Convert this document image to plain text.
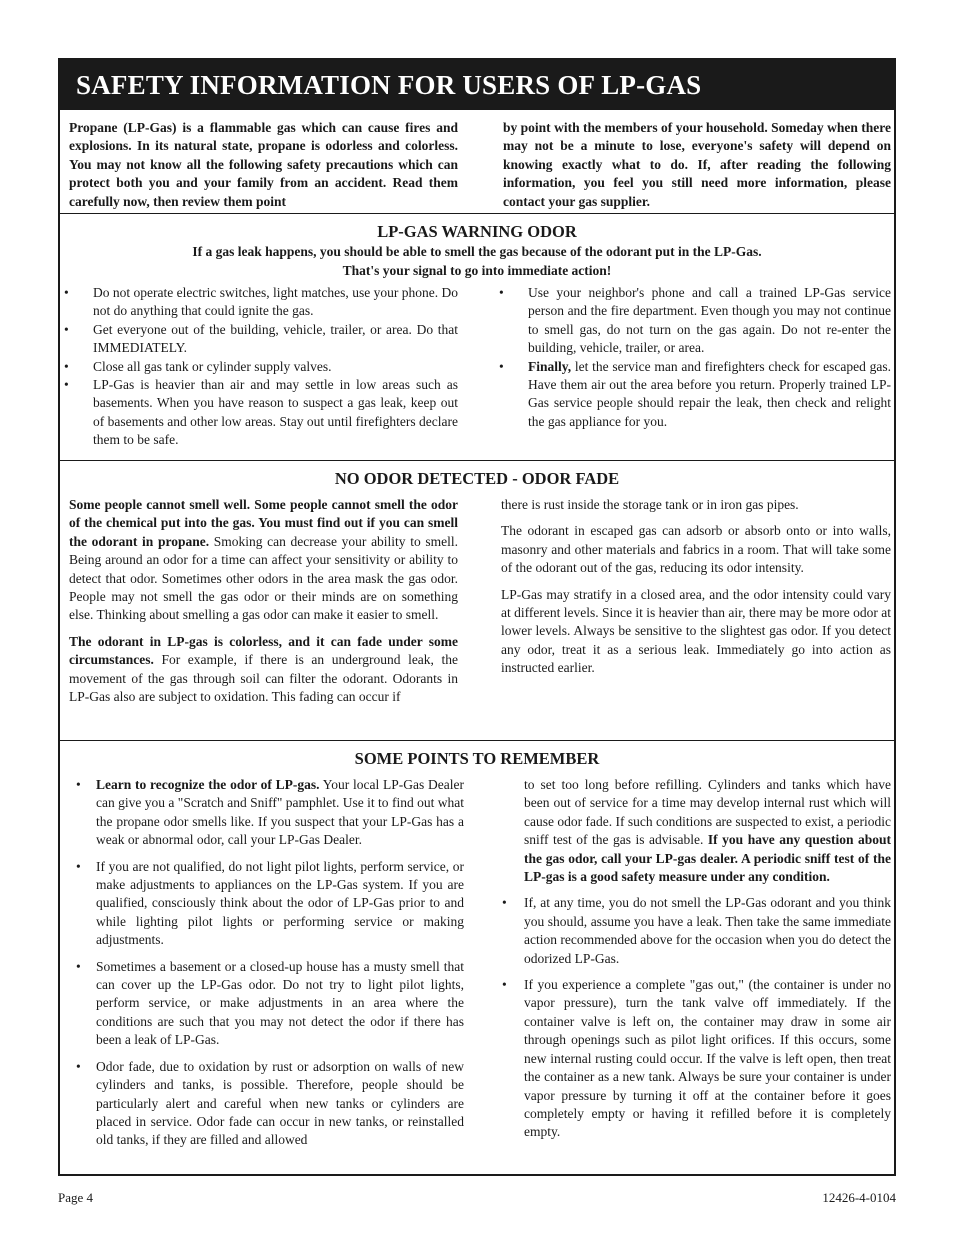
SAFETY INFORMATION FOR USERS OF LP-GAS
Propane (LP-Gas) is a flammable gas which can cause fires and explosions. In its natural state, propane is odorless and colorless. You may not know all the following safety precautions which can protect both you and your family from an accident. Read them carefully now, then review them point
by point with the members of your household. Someday when there may not be a minute to lose, everyone's safety will depend on knowing exactly what to do. If, after reading the following information, you feel you still need more information, please contact your gas supplier.
LP-GAS WARNING ODOR
If a gas leak happens, you should be able to smell the gas because of the odorant put in the LP-Gas.
That's your signal to go into immediate action!
• Do not operate electric switches, light matches, use your phone. Do not do anything that could ignite the gas.
• Get everyone out of the building, vehicle, trailer, or area. Do that IMMEDIATELY.
• Close all gas tank or cylinder supply valves.
• LP-Gas is heavier than air and may settle in low areas such as basements. When you have reason to suspect a gas leak, keep out of basements and other low areas. Stay out until firefighters declare them to be safe.
• Use your neighbor's phone and call a trained LP-Gas service person and the fire department. Even though you may not continue to smell gas, do not turn on the gas again. Do not re-enter the building, vehicle, trailer, or area.
• Finally, let the service man and firefighters check for escaped gas. Have them air out the area before you return. Properly trained LP-Gas service people should repair the leak, then check and relight the gas appliance for you.
NO ODOR DETECTED - ODOR FADE

Some people cannot smell well. Some people cannot smell the odor of the chemical put into the gas. You must find out if you can smell the odorant in propane. Smoking can decrease your ability to smell. Being around an odor for a time can affect your sensitivity or ability to detect that odor. Sometimes other odors in the area mask the gas odor. People may not smell the gas odor or their minds are on something else. Thinking about smelling a gas odor can make it easier to smell.

The odorant in LP-gas is colorless, and it can fade under some circumstances. For example, if there is an underground leak, the movement of the gas through soil can filter the odorant. Odorants in LP-Gas also are subject to oxidation. This fading can occur if

there is rust inside the storage tank or in iron gas pipes.

The odorant in escaped gas can adsorb or absorb onto or into walls, masonry and other materials and fabrics in a room. That will take some of the odorant out of the gas, reducing its odor intensity.

LP-Gas may stratify in a closed area, and the odor intensity could vary at different levels. Since it is heavier than air, there may be more odor at lower levels. Always be sensitive to the slightest gas odor. If you detect any odor, treat it as a serious leak. Immediately go into action as instructed earlier.

SOME POINTS TO REMEMBER
• Learn to recognize the odor of LP-gas. Your local LP-Gas Dealer can give you a "Scratch and Sniff" pamphlet. Use it to find out what the propane odor smells like. If you suspect that your LP-Gas has a weak or abnormal odor, call your LP-Gas Dealer.
• If you are not qualified, do not light pilot lights, perform service, or make adjustments to appliances on the LP-Gas system. If you are qualified, consciously think about the odor of LP-Gas prior to and while lighting pilot lights or performing service or making adjustments.
• Sometimes a basement or a closed-up house has a musty smell that can cover up the LP-Gas odor. Do not try to light pilot lights, perform service, or make adjustments in an area where the conditions are such that you may not detect the odor if there has been a leak of LP-Gas.
• Odor fade, due to oxidation by rust or adsorption on walls of new cylinders and tanks, is possible. Therefore, people should be particularly alert and careful when new tanks or cylinders are placed in service. Odor fade can occur in new tanks, or reinstalled old tanks, if they are filled and allowed
to set too long before refilling. Cylinders and tanks which have been out of service for a time may develop internal rust which will cause odor fade. If such conditions are suspected to exist, a periodic sniff test of the gas is advisable. If you have any question about the gas odor, call your LP-gas dealer. A periodic sniff test of the LP-gas is a good safety measure under any condition.
• If, at any time, you do not smell the LP-Gas odorant and you think you should, assume you have a leak. Then take the same immediate action recommended above for the occasion when you do detect the odorized LP-Gas.
• If you experience a complete "gas out," (the container is under no vapor pressure), turn the tank valve off immediately. If the container valve is left on, the container may draw in some air through openings such as pilot light orifices. If this occurs, some new internal rusting could occur. If the valve is left open, then treat the container as a new tank. Always be sure your container is under vapor pressure by turning it off at the container before it goes completely empty or having it refilled before it is completely empty.
Page 4	12426-4-0104
